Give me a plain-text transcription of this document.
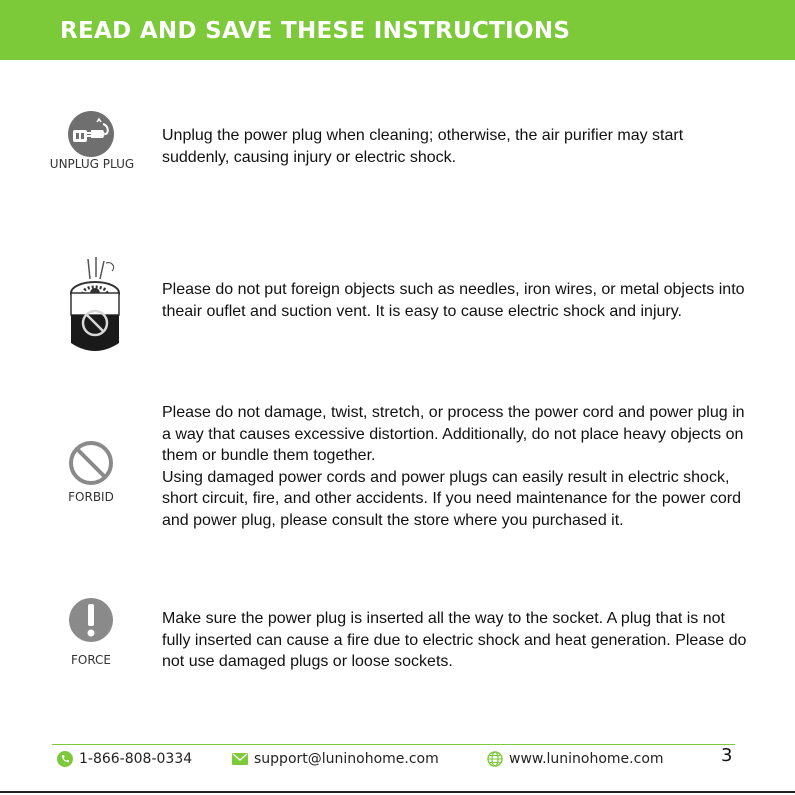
READ AND SAVE THESE INSTRUCTIONS
UNPLUG PLUG

Unplug the power plug when cleaning; otherwise, the air purifier may start suddenly, causing injury or electric shock.

Please do not put foreign objects such as needles, iron wires, or metal objects into theair ouflet and suction vent. It is easy to cause electric shock and injury.

FORBID

Please do not damage, twist, stretch, or process the power cord and power plug in a way that causes excessive distortion. Additionally, do not place heavy objects on them or bundle them together.

Using damaged power cords and power plugs can easily result in electric shock, short circuit, fire, and other accidents. If you need maintenance for the power cord and power plug, please consult the store where you purchased it.

FORCE

Make sure the power plug is inserted all the way to the socket. A plug that is not fully inserted can cause a fire due to electric shock and heat generation. Please do not use damaged plugs or loose sockets.

1-866-808-0334	support@luninohome.com	www.luninohome.com	3
